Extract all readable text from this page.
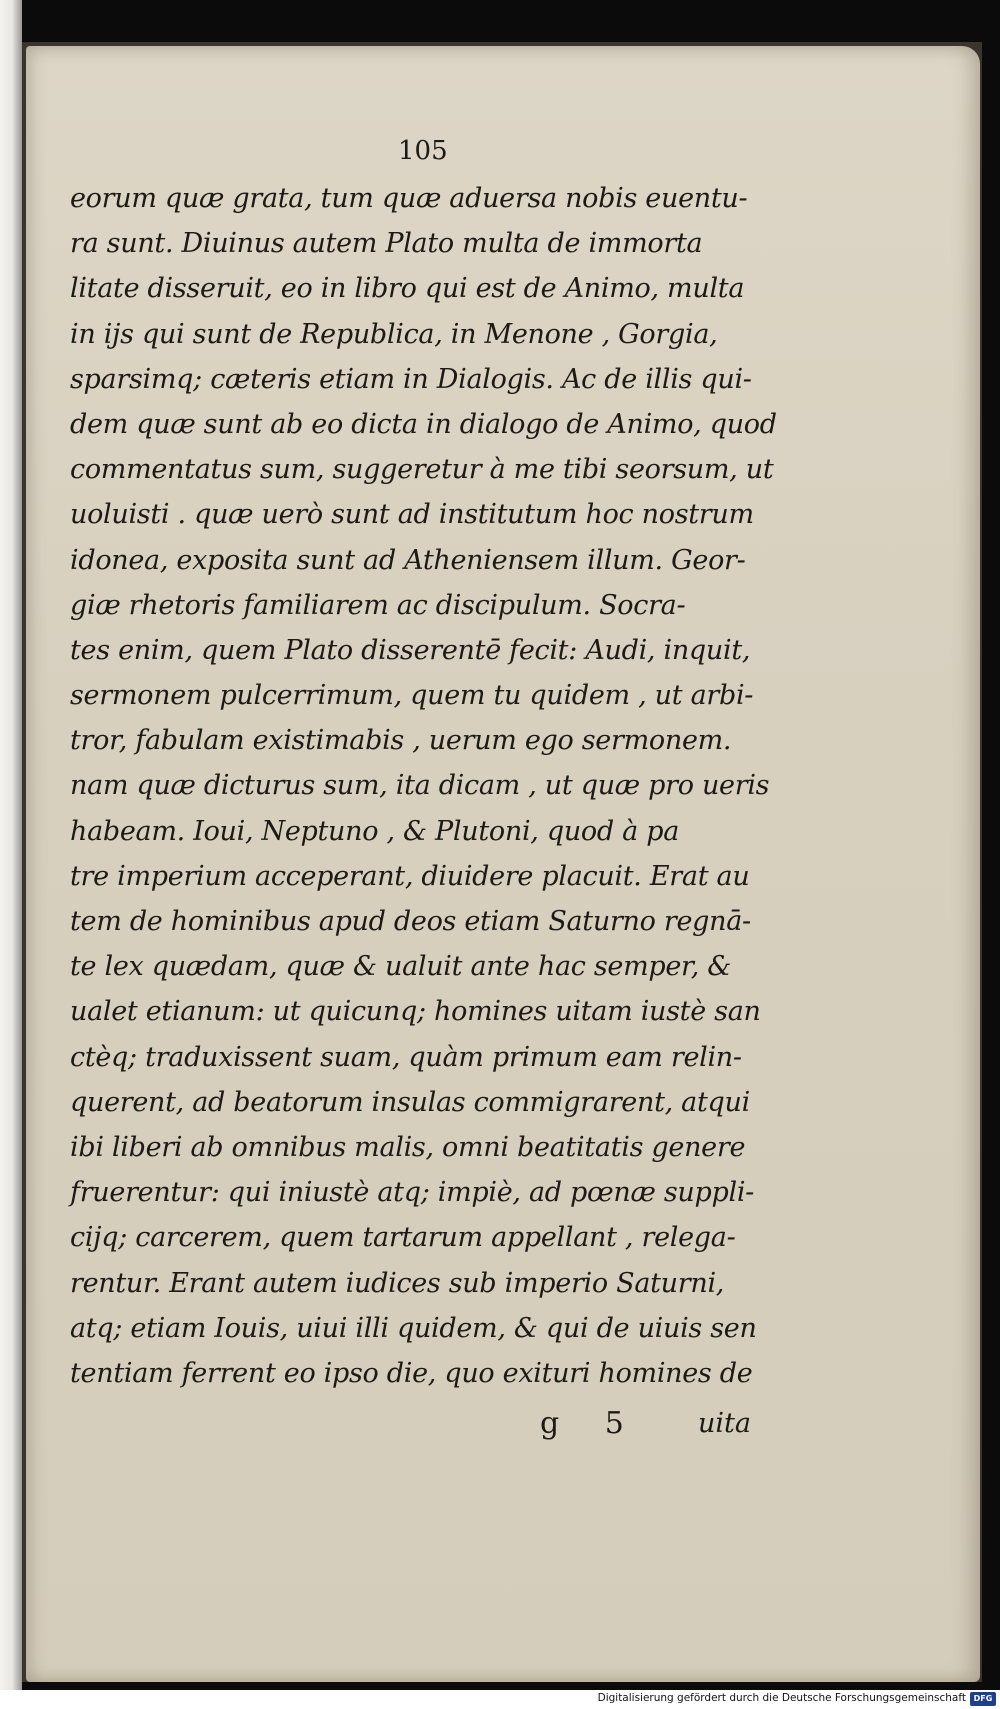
105

eorum quæ grata, tum quæ aduersa nobis euentu-
ra sunt. Diuinus autem Plato multa de immorta
litate disseruit, eo in libro qui est de Animo, multa
in ijs qui sunt de Republica, in Menone , Gorgia,
sparsimq; cæteris etiam in Dialogis. Ac de illis qui-
dem quæ sunt ab eo dicta in dialogo de Animo, quod
commentatus sum, suggeretur à me tibi seorsum, ut
uoluisti . quæ uerò sunt ad institutum hoc nostrum
idonea, exposita sunt ad Atheniensem illum. Geor-
giæ rhetoris familiarem ac discipulum. Socra-
tes enim, quem Plato disserentē fecit: Audi, inquit,
sermonem pulcerrimum, quem tu quidem , ut arbi-
tror, fabulam existimabis , uerum ego sermonem.
nam quæ dicturus sum, ita dicam , ut quæ pro ueris
habeam. Ioui, Neptuno , & Plutoni, quod à pa
tre imperium acceperant, diuidere placuit. Erat au
tem de hominibus apud deos etiam Saturno regnā-
te lex quædam, quæ & ualuit ante hac semper, &
ualet etianum: ut quicunq; homines uitam iustè san
ctèq; traduxissent suam, quàm primum eam relin-
querent, ad beatorum insulas commigrarent, atqui
ibi liberi ab omnibus malis, omni beatitatis genere
fruerentur: qui iniustè atq; impiè, ad pœnæ suppli-
cijq; carcerem, quem tartarum appellant , relega-
rentur. Erant autem iudices sub imperio Saturni,
atq; etiam Iouis, uiui illi quidem, & qui de uiuis sen
tentiam ferrent eo ipso die, quo exituri homines de

g 5 uita

Digitalisierung gefördert durch die Deutsche Forschungsgemeinschaft DFG
